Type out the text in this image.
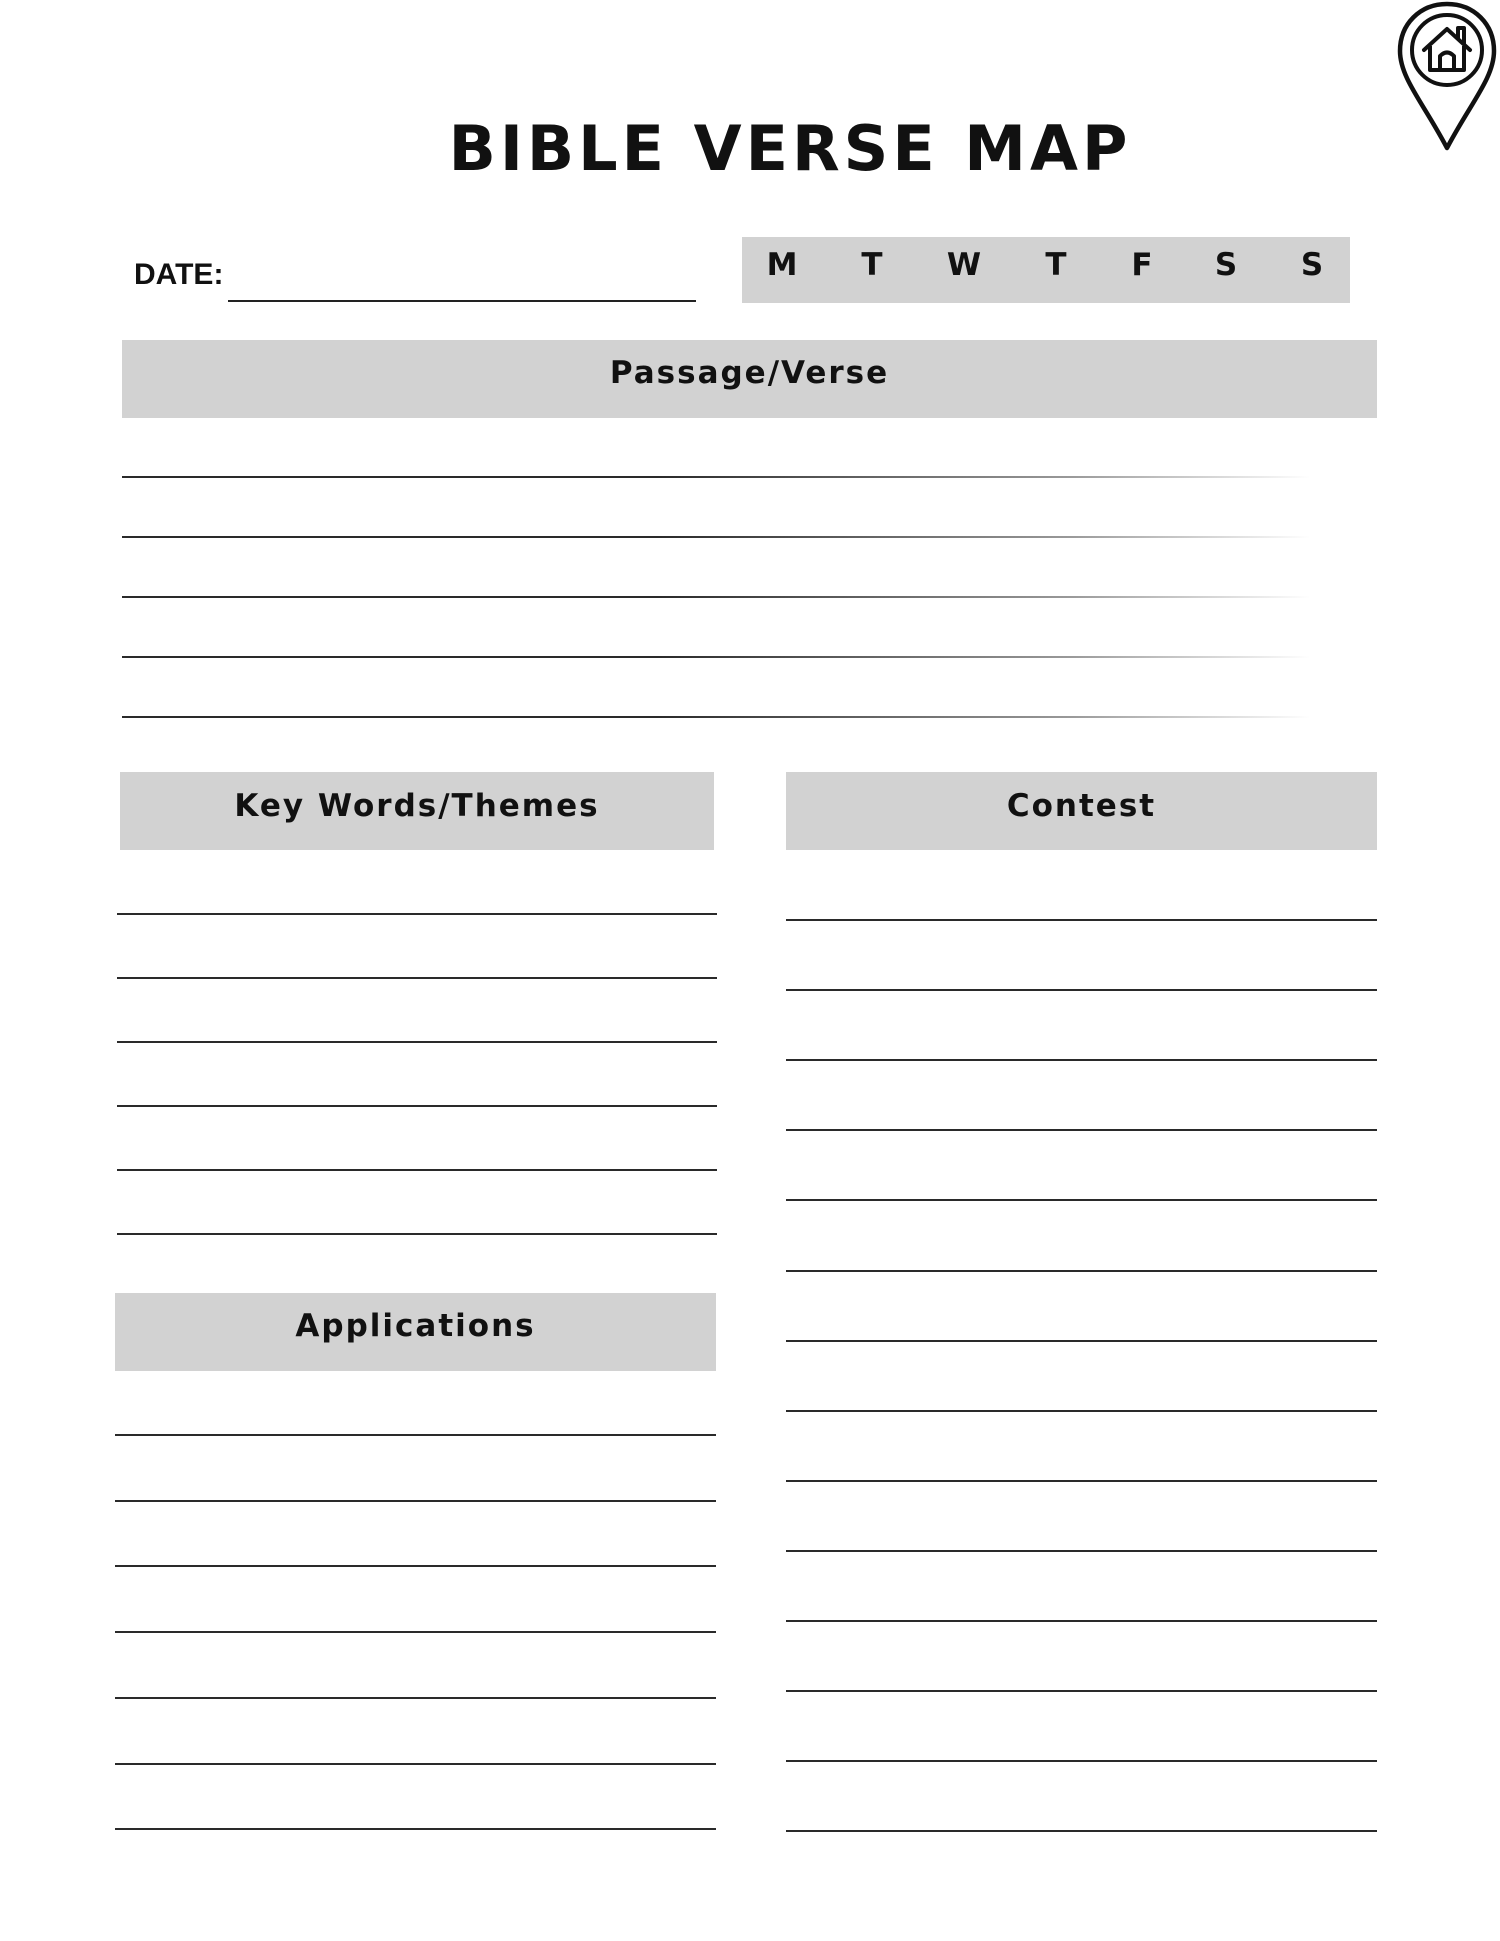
BIBLE VERSE MAP
DATE:	M	T	W	T	F	S S
Passage/Verse
Key Words/Themes	Contest
Applications
